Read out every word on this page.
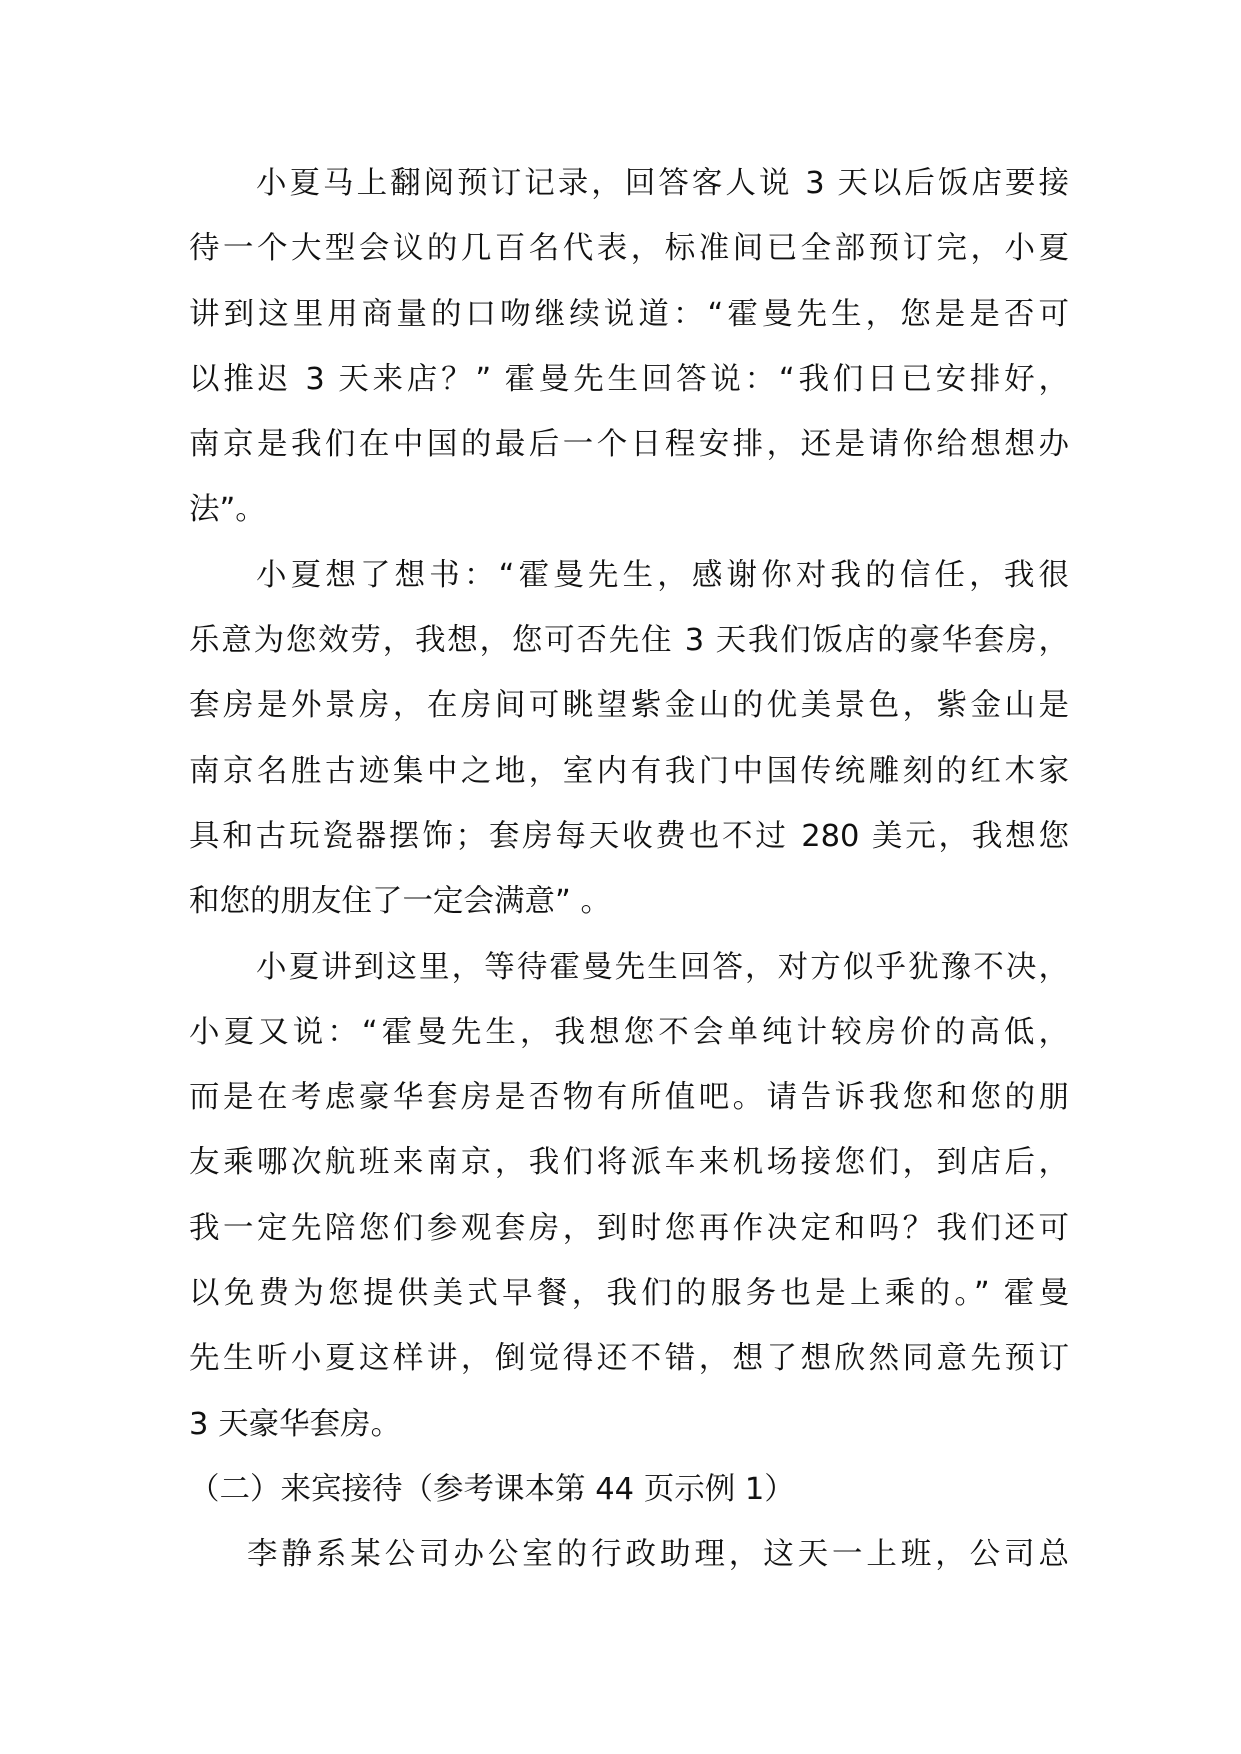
小夏马上翻阅预订记录，回答客人说 3 天以后饭店要接
待一个大型会议的几百名代表，标准间已全部预订完，小夏
讲到这里用商量的口吻继续说道：“霍曼先生，您是是否可
以推迟 3 天来店？” 霍曼先生回答说：“我们日已安排好，
南京是我们在中国的最后一个日程安排，还是请你给想想办
法”。
小夏想了想书：“霍曼先生，感谢你对我的信任，我很
乐意为您效劳，我想，您可否先住 3 天我们饭店的豪华套房，
套房是外景房，在房间可眺望紫金山的优美景色，紫金山是
南京名胜古迹集中之地，室内有我门中国传统雕刻的红木家
具和古玩瓷器摆饰；套房每天收费也不过 280 美元，我想您
和您的朋友住了一定会满意” 。
小夏讲到这里，等待霍曼先生回答，对方似乎犹豫不决，
小夏又说：“霍曼先生，我想您不会单纯计较房价的高低，
而是在考虑豪华套房是否物有所值吧。请告诉我您和您的朋
友乘哪次航班来南京，我们将派车来机场接您们，到店后，
我一定先陪您们参观套房，到时您再作决定和吗？我们还可
以免费为您提供美式早餐，我们的服务也是上乘的。” 霍曼
先生听小夏这样讲，倒觉得还不错，想了想欣然同意先预订
3 天豪华套房。
（二）来宾接待（参考课本第 44 页示例 1）
李静系某公司办公室的行政助理，这天一上班，公司总
